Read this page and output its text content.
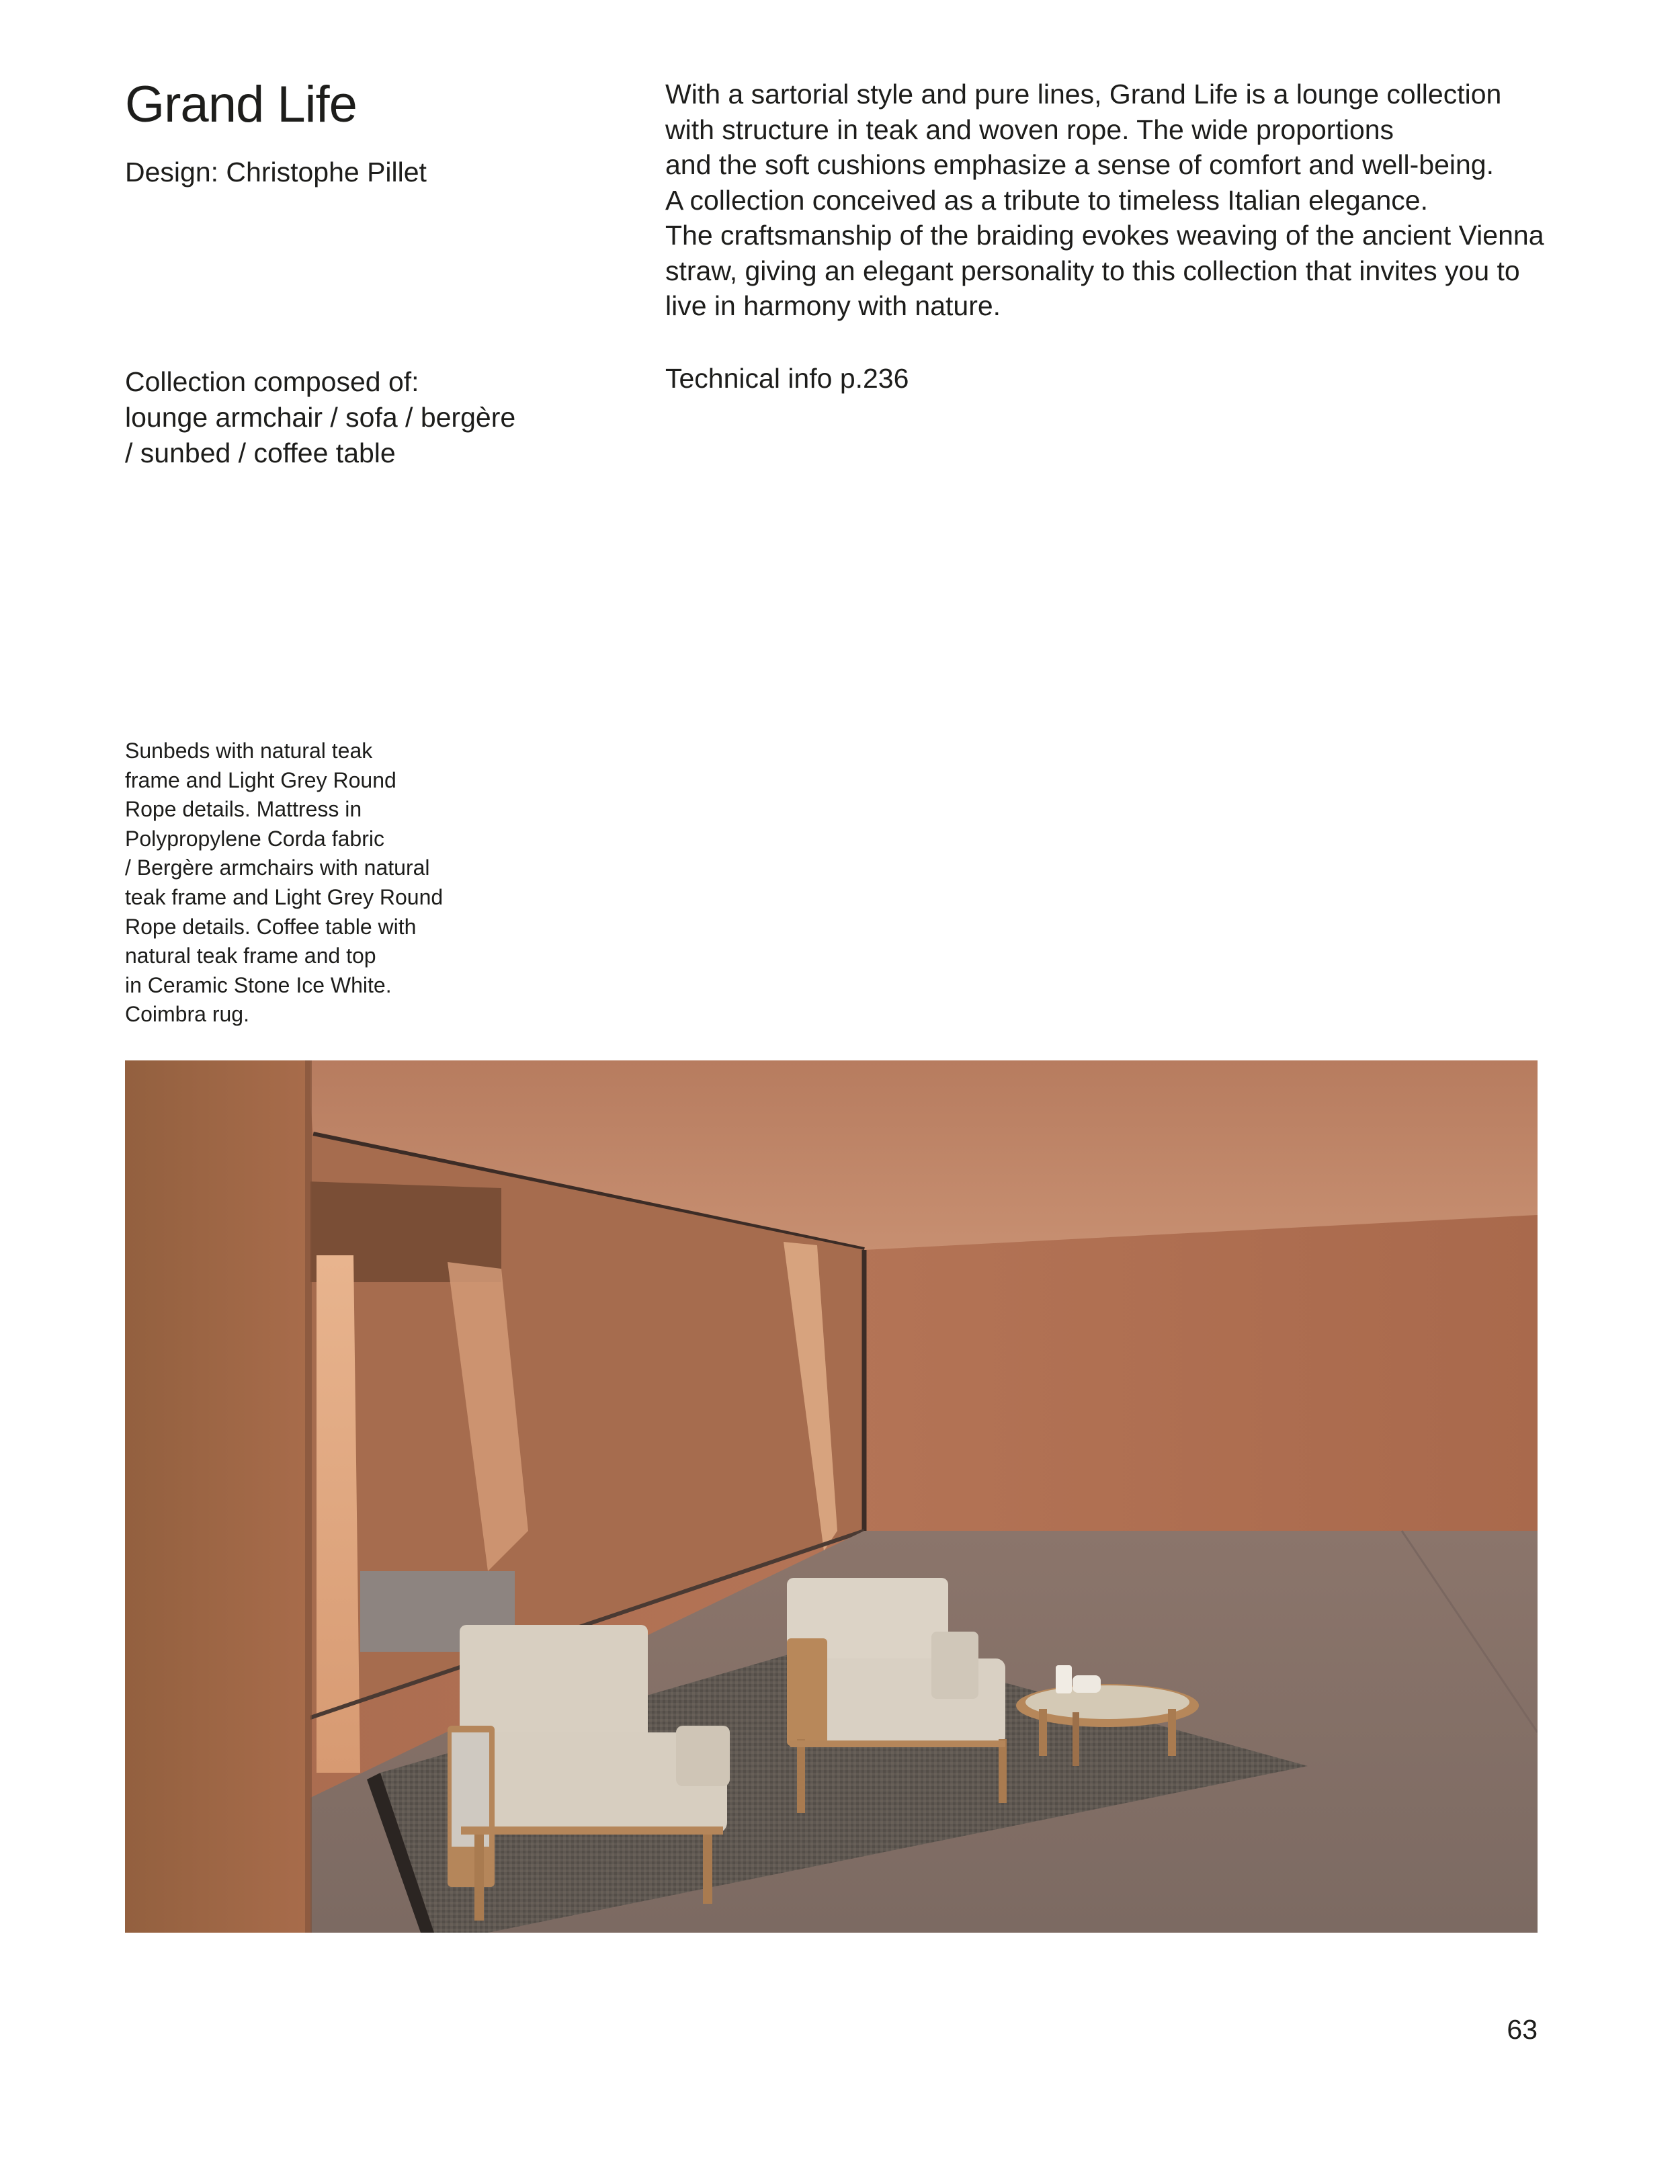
Grand Life
Design: Christophe Pillet
Collection composed of:
lounge armchair / sofa / bergère
/ sunbed / coffee table

With a sartorial style and pure lines, Grand Life is a lounge collection
with structure in teak and woven rope. The wide proportions
and the soft cushions emphasize a sense of comfort and well-being.
A collection conceived as a tribute to timeless Italian elegance.
The craftsmanship of the braiding evokes weaving of the ancient Vienna
straw, giving an elegant personality to this collection that invites you to
live in harmony with nature.

Technical info p.236
Sunbeds with natural teak
frame and Light Grey Round
Rope details. Mattress in
Polypropylene Corda fabric
/ Bergère armchairs with natural
teak frame and Light Grey Round
Rope details. Coffee table with
natural teak frame and top
in Ceramic Stone Ice White.
Coimbra rug.
63
